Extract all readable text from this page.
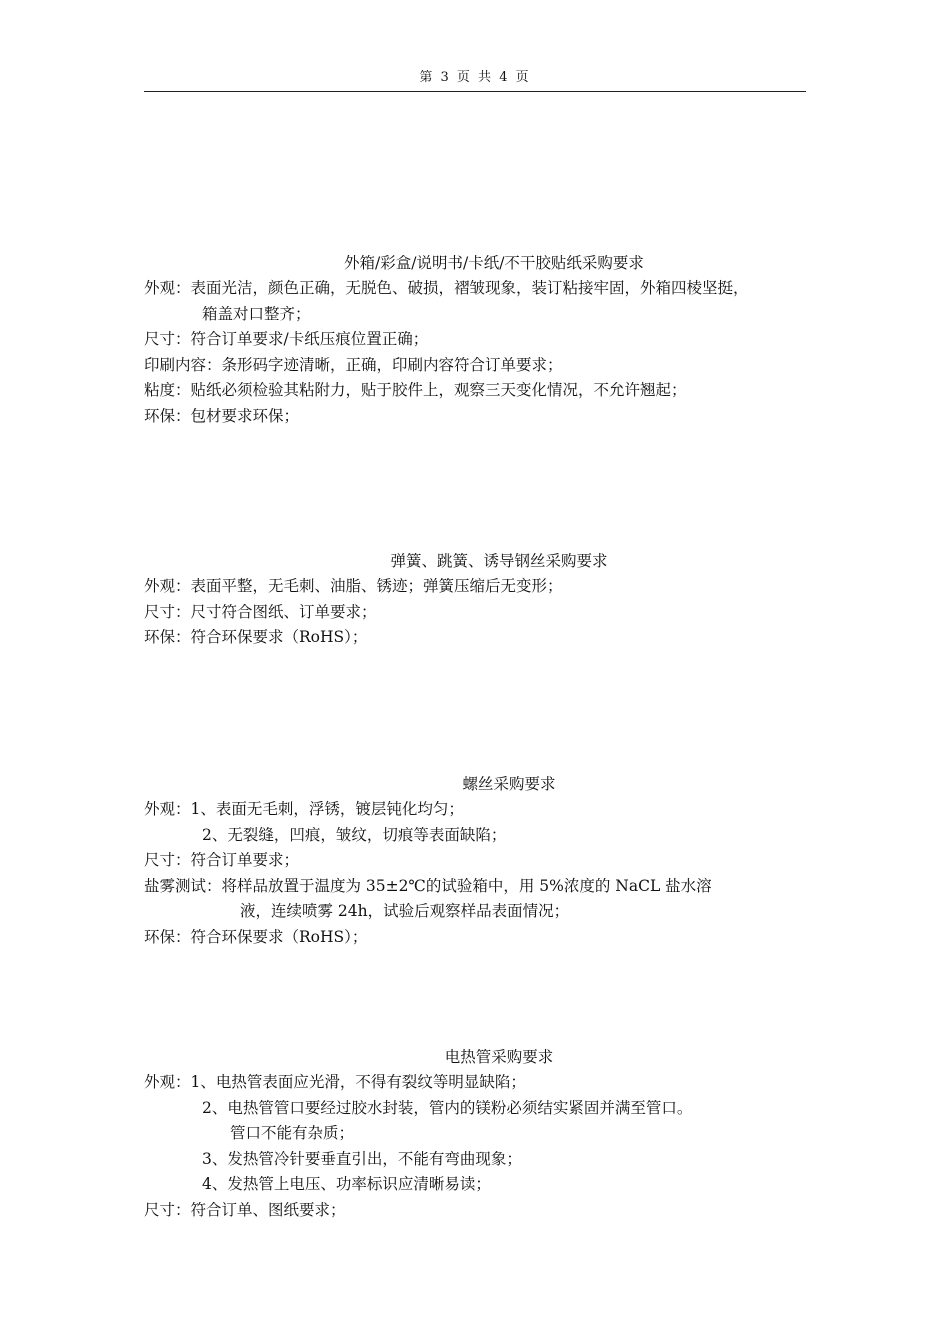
第 3 页 共 4 页
外箱/彩盒/说明书/卡纸/不干胶贴纸采购要求
外观：表面光洁，颜色正确，无脱色、破损，褶皱现象，装订粘接牢固，外箱四棱坚挺，
箱盖对口整齐；
尺寸：符合订单要求/卡纸压痕位置正确；
印刷内容：条形码字迹清晰，正确，印刷内容符合订单要求；
粘度：贴纸必须检验其粘附力，贴于胶件上，观察三天变化情况，不允许翘起；
环保：包材要求环保；
弹簧、跳簧、诱导钢丝采购要求
外观：表面平整，无毛刺、油脂、锈迹；弹簧压缩后无变形；
尺寸：尺寸符合图纸、订单要求；
环保：符合环保要求（RoHS）；
螺丝采购要求
外观：1、表面无毛刺，浮锈，镀层钝化均匀；
2、无裂缝，凹痕，皱纹，切痕等表面缺陷；
尺寸：符合订单要求；
盐雾测试：将样品放置于温度为 35±2℃的试验箱中，用 5%浓度的 NaCL 盐水溶
液，连续喷雾 24h，试验后观察样品表面情况；
环保：符合环保要求（RoHS）；
电热管采购要求
外观：1、电热管表面应光滑，不得有裂纹等明显缺陷；
2、电热管管口要经过胶水封装，管内的镁粉必须结实紧固并满至管口。
管口不能有杂质；
3、发热管冷针要垂直引出，不能有弯曲现象；
4、发热管上电压、功率标识应清晰易读；
尺寸：符合订单、图纸要求；
